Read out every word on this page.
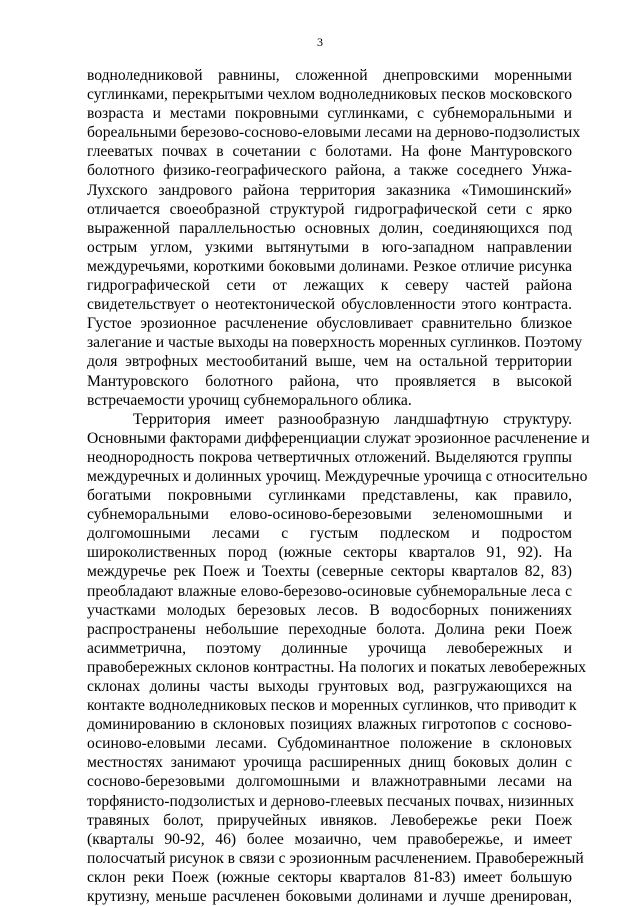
3
водноледниковой равнины, сложенной днепровскими моренными
суглинками, перекрытыми чехлом водноледниковых песков московского
возраста и местами покровными суглинками, с субнеморальными и
бореальными березово-сосново-еловыми лесами на дерново-подзолистых
глееватых почвах в сочетании с болотами. На фоне Мантуровского
болотного физико-географического района, а также соседнего Унжа-
Лухского зандрового района территория заказника «Тимошинский»
отличается своеобразной структурой гидрографической сети с ярко
выраженной параллельностью основных долин, соединяющихся под
острым углом, узкими вытянутыми в юго-западном направлении
междуречьями, короткими боковыми долинами. Резкое отличие рисунка
гидрографической сети от лежащих к северу частей района
свидетельствует о неотектонической обусловленности этого контраста.
Густое эрозионное расчленение обусловливает сравнительно близкое
залегание и частые выходы на поверхность моренных суглинков. Поэтому
доля эвтрофных местообитаний выше, чем на остальной территории
Мантуровского болотного района, что проявляется в высокой
встречаемости урочищ субнеморального облика.
Территория имеет разнообразную ландшафтную структуру.
Основными факторами дифференциации служат эрозионное расчленение и
неоднородность покрова четвертичных отложений. Выделяются группы
междуречных и долинных урочищ. Междуречные урочища с относительно
богатыми покровными суглинками представлены, как правило,
субнеморальными елово-осиново-березовыми зеленомошными и
долгомошными лесами с густым подлеском и подростом
широколиственных пород (южные секторы кварталов 91, 92). На
междуречье рек Поеж и Тоехты (северные секторы кварталов 82, 83)
преобладают влажные елово-березово-осиновые субнеморальные леса с
участками молодых березовых лесов. В водосборных понижениях
распространены небольшие переходные болота. Долина реки Поеж
асимметрична, поэтому долинные урочища левобережных и
правобережных склонов контрастны. На пологих и покатых левобережных
склонах долины часты выходы грунтовых вод, разгружающихся на
контакте водноледниковых песков и моренных суглинков, что приводит к
доминированию в склоновых позициях влажных гигротопов с сосново-
осиново-еловыми лесами. Субдоминантное положение в склоновых
местностях занимают урочища расширенных днищ боковых долин с
сосново-березовыми долгомошными и влажнотравными лесами на
торфянисто-подзолистых и дерново-глеевых песчаных почвах, низинных
травяных болот, приручейных ивняков. Левобережье реки Поеж
(кварталы 90-92, 46) более мозаично, чем правобережье, и имеет
полосчатый рисунок в связи с эрозионным расчленением. Правобережный
склон реки Поеж (южные секторы кварталов 81-83) имеет большую
крутизну, меньше расчленен боковыми долинами и лучше дренирован,
